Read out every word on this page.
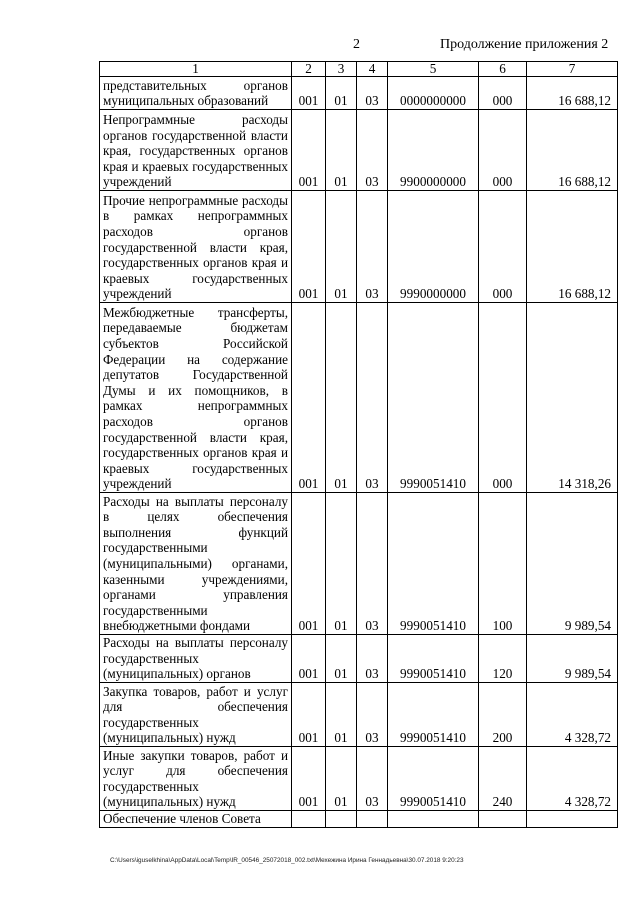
2	Продолжение приложения 2
1	2	3	4	5	6	7
представительных органов муниципальных образований	001	01	03	0000000000	000	16 688,12
Непрограммные расходы органов государственной власти края, государственных органов края и краевых государственных учреждений	001	01	03	9900000000	000	16 688,12
Прочие непрограммные расходы в рамках непрограммных расходов органов государственной власти края, государственных органов края и краевых государственных учреждений	001	01	03	9990000000	000	16 688,12
Межбюджетные трансферты, передаваемые бюджетам субъектов Российской Федерации на содержание депутатов Государственной Думы и их помощников, в рамках непрограммных расходов органов государственной власти края, государственных органов края и краевых государственных учреждений	001	01	03	9990051410	000	14 318,26
Расходы на выплаты персоналу в целях обеспечения выполнения функций государственными (муниципальными) органами, казенными учреждениями, органами управления государственными внебюджетными фондами	001	01	03	9990051410	100	9 989,54
Расходы на выплаты персоналу государственных (муниципальных) органов	001	01	03	9990051410	120	9 989,54
Закупка товаров, работ и услуг для обеспечения государственных (муниципальных) нужд	001	01	03	9990051410	200	4 328,72
Иные закупки товаров, работ и услуг для обеспечения государственных (муниципальных) нужд	001	01	03	9990051410	240	4 328,72
Обеспечение членов Совета						
C:\Users\iguselkhina\AppData\Local\Temp\IR_00546_25072018_002.txt\Мехежина Ирина Геннадьевна\30.07.2018 9:20:23
